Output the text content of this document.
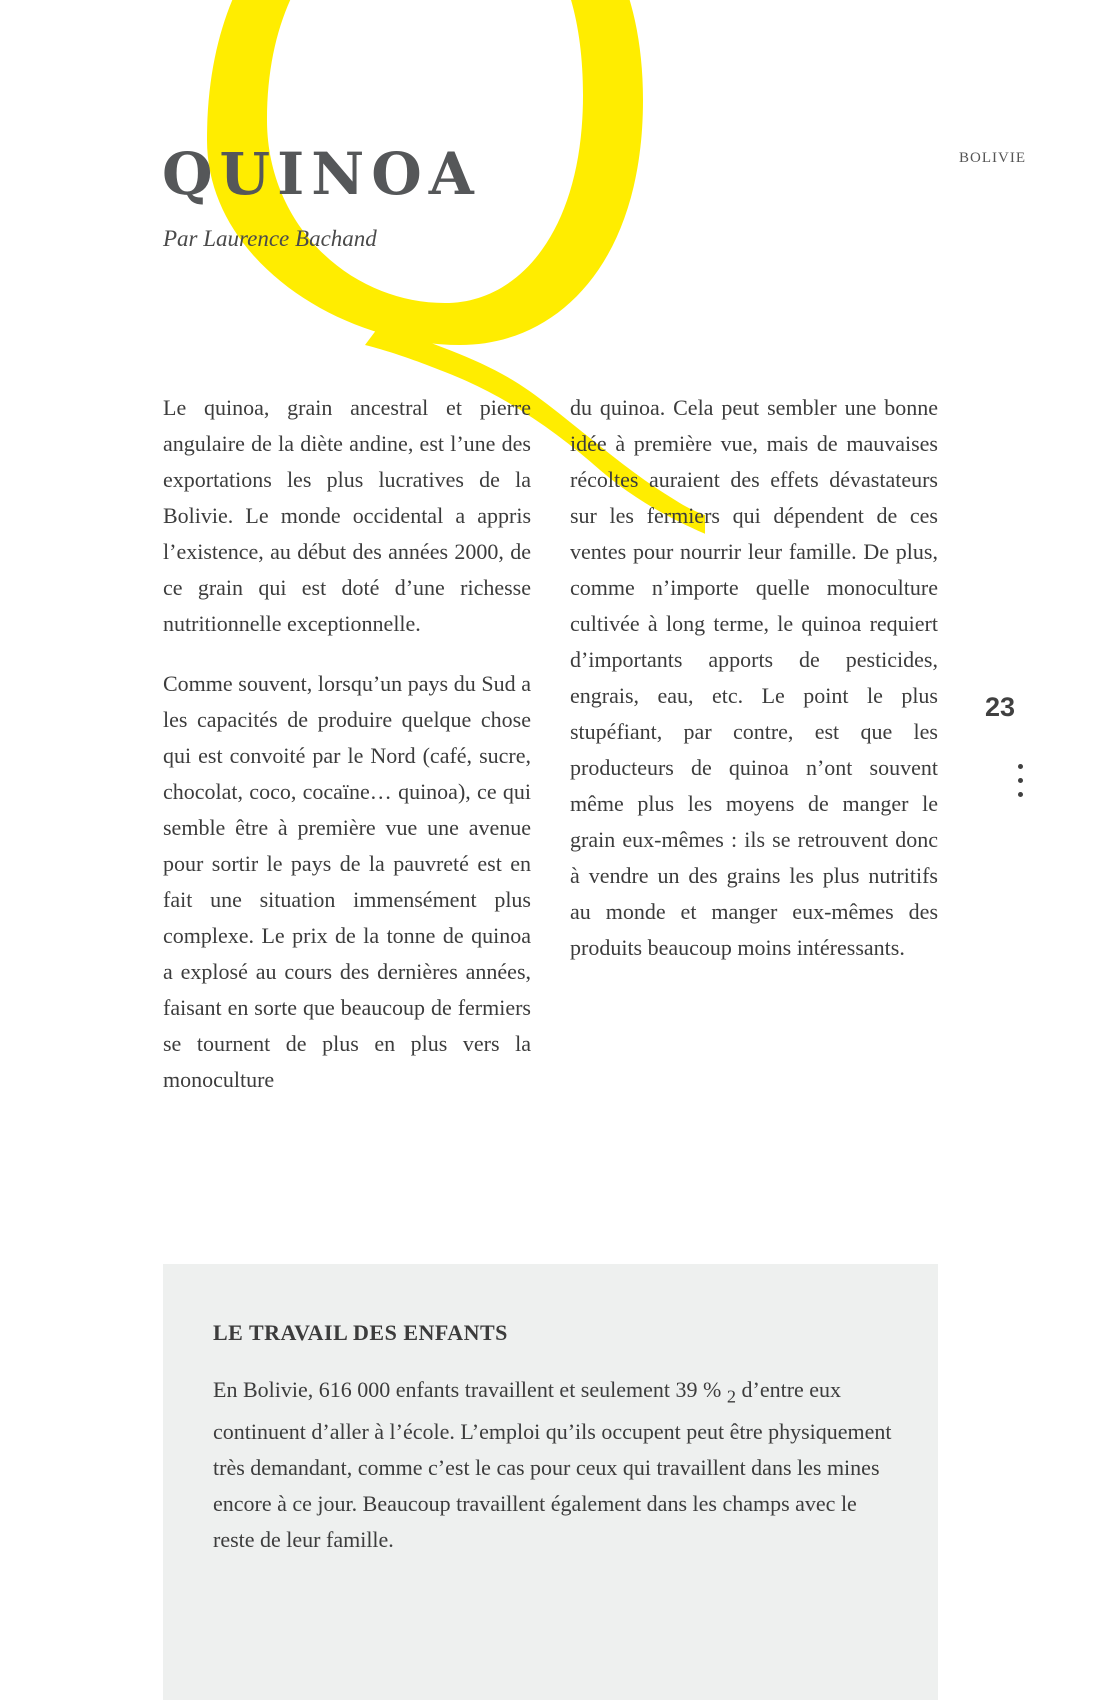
QUINOA
Par Laurence Bachand
BOLIVIE
23

Le quinoa, grain ancestral et pierre angulaire de la diète andine, est l’une des exportations les plus lucratives de la Bolivie. Le monde occidental a appris l’existence, au début des années 2000, de ce grain qui est doté d’une richesse nutritionnelle exceptionnelle.

Comme souvent, lorsqu’un pays du Sud a les capacités de produire quelque chose qui est convoité par le Nord (café, sucre, chocolat, coco, cocaïne… quinoa), ce qui semble être à première vue une avenue pour sortir le pays de la pauvreté est en fait une situation immensément plus complexe. Le prix de la tonne de quinoa a explosé au cours des dernières années, faisant en sorte que beaucoup de fermiers se tournent de plus en plus vers la monoculture

du quinoa. Cela peut sembler une bonne idée à première vue, mais de mauvaises récoltes auraient des effets dévastateurs sur les fermiers qui dépendent de ces ventes pour nourrir leur famille. De plus, comme n’importe quelle monoculture cultivée à long terme, le quinoa requiert d’importants apports de pesticides, engrais, eau, etc. Le point le plus stupéfiant, par contre, est que les producteurs de quinoa n’ont souvent même plus les moyens de manger le grain eux-mêmes : ils se retrouvent donc à vendre un des grains les plus nutritifs au monde et manger eux-mêmes des produits beaucoup moins intéressants.

LE TRAVAIL DES ENFANTS

En Bolivie, 616 000 enfants travaillent et seulement 39 % $_2$ d’entre eux continuent d’aller à l’école. L’emploi qu’ils occupent peut être physiquement très demandant, comme c’est le cas pour ceux qui travaillent dans les mines encore à ce jour. Beaucoup travaillent également dans les champs avec le reste de leur famille.
